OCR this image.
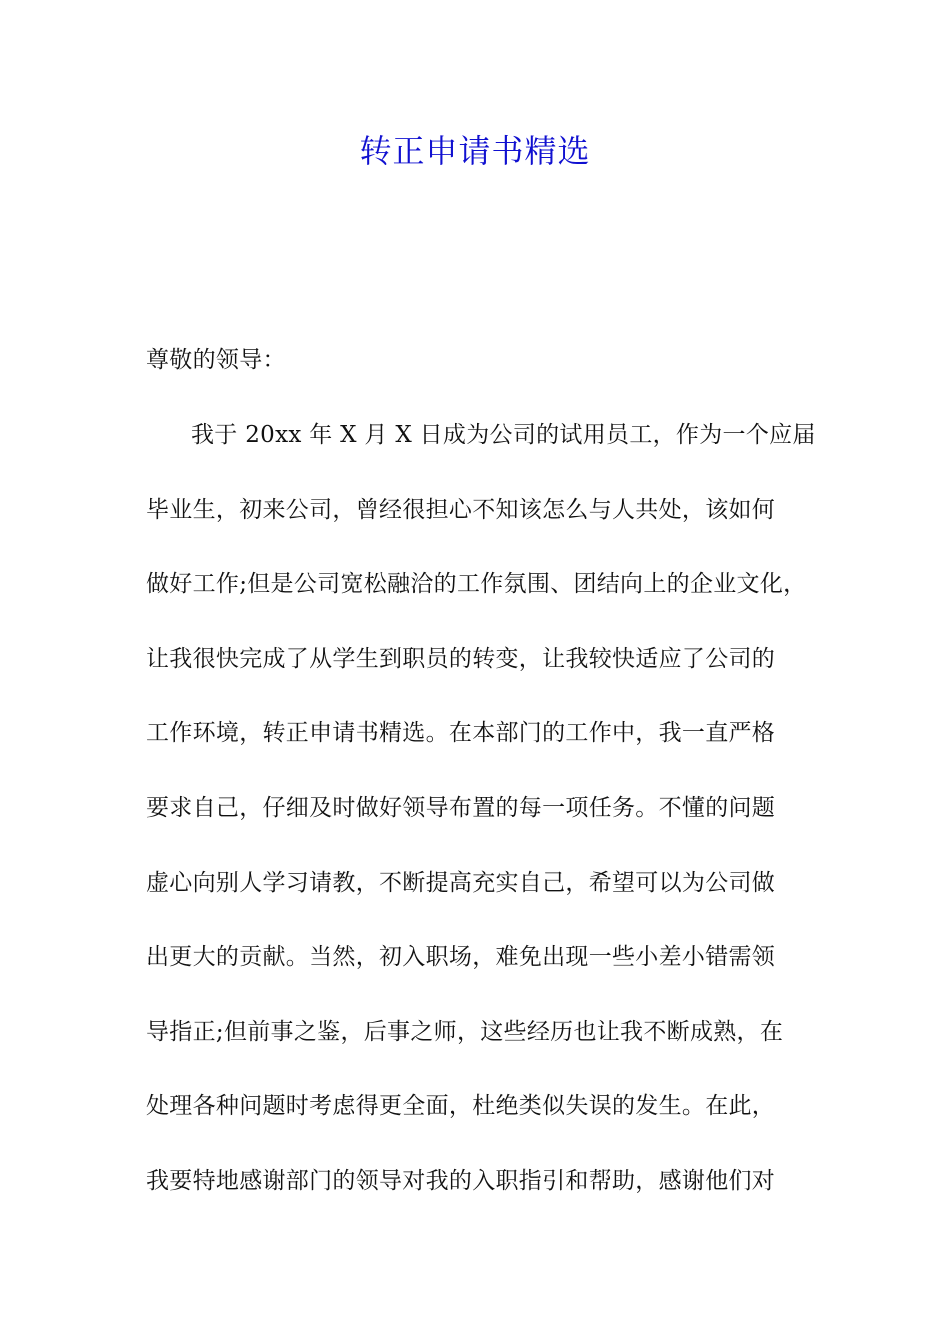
转正申请书精选

尊敬的领导：

我于 20xx 年 X 月 X 日成为公司的试用员工，作为一个应届

毕业生，初来公司，曾经很担心不知该怎么与人共处，该如何

做好工作;但是公司宽松融洽的工作氛围、团结向上的企业文化，

让我很快完成了从学生到职员的转变，让我较快适应了公司的

工作环境，转正申请书精选。在本部门的工作中，我一直严格

要求自己，仔细及时做好领导布置的每一项任务。不懂的问题

虚心向别人学习请教，不断提高充实自己，希望可以为公司做

出更大的贡献。当然，初入职场，难免出现一些小差小错需领

导指正;但前事之鉴，后事之师，这些经历也让我不断成熟，在

处理各种问题时考虑得更全面，杜绝类似失误的发生。在此，

我要特地感谢部门的领导对我的入职指引和帮助，感谢他们对
